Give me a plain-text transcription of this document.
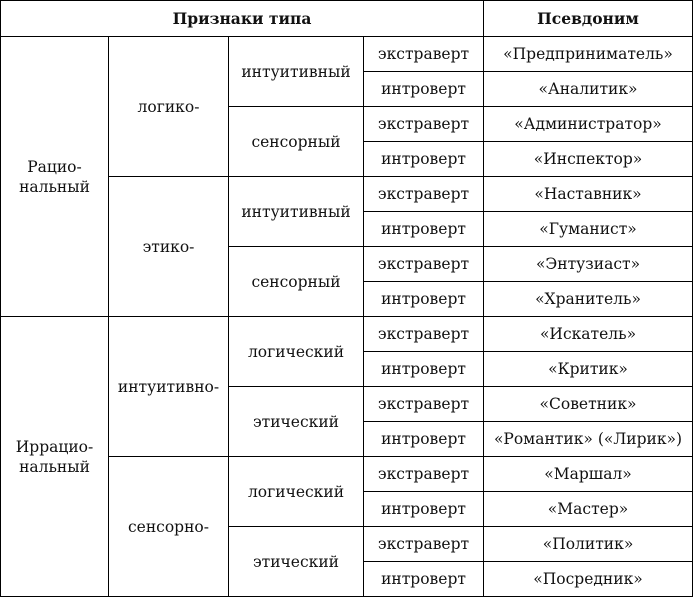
Признаки типа				Псевдоним
Рацио-
нальный	логико-	интуитивный	экстраверт	«Предприниматель»
			интроверт	«Аналитик»
		сенсорный	экстраверт	«Администратор»
			интроверт	«Инспектор»
	этико-	интуитивный	экстраверт	«Наставник»
			интроверт	«Гуманист»
		сенсорный	экстраверт	«Энтузиаст»
			интроверт	«Хранитель»
Иррацио-
нальный	интуитивно-	логический	экстраверт	«Искатель»
			интроверт	«Критик»
		этический	экстраверт	«Советник»
			интроверт	«Романтик» («Лирик»)
	сенсорно-	логический	экстраверт	«Маршал»
			интроверт	«Мастер»
		этический	экстраверт	«Политик»
			интроверт	«Посредник»
